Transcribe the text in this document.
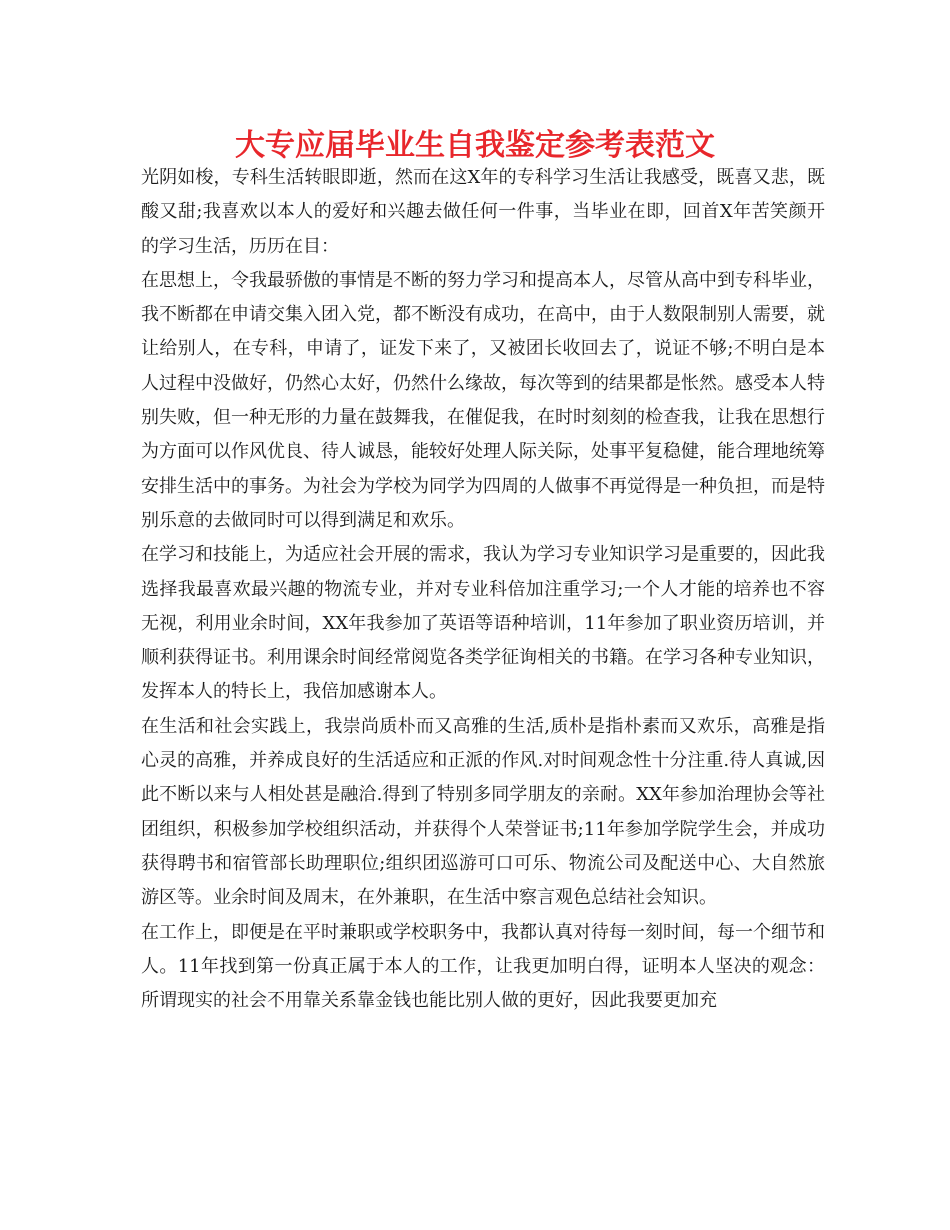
大专应届毕业生自我鉴定参考表范文

光阴如梭，专科生活转眼即逝，然而在这X年的专科学习生活让我感受，既喜又悲，既酸又甜;我喜欢以本人的爱好和兴趣去做任何一件事，当毕业在即，回首X年苦笑颜开的学习生活，历历在目：

在思想上，令我最骄傲的事情是不断的努力学习和提高本人，尽管从高中到专科毕业，我不断都在申请交集入团入党，都不断没有成功，在高中，由于人数限制别人需要，就让给别人，在专科，申请了，证发下来了，又被团长收回去了，说证不够;不明白是本人过程中没做好，仍然心太好，仍然什么缘故，每次等到的结果都是怅然。感受本人特别失败，但一种无形的力量在鼓舞我，在催促我，在时时刻刻的检查我，让我在思想行为方面可以作风优良、待人诚恳，能较好处理人际关际，处事平复稳健，能合理地统筹安排生活中的事务。为社会为学校为同学为四周的人做事不再觉得是一种负担，而是特别乐意的去做同时可以得到满足和欢乐。

在学习和技能上，为适应社会开展的需求，我认为学习专业知识学习是重要的，因此我选择我最喜欢最兴趣的物流专业，并对专业科倍加注重学习;一个人才能的培养也不容无视，利用业余时间，XX年我参加了英语等语种培训，11年参加了职业资历培训，并顺利获得证书。利用课余时间经常阅览各类学征询相关的书籍。在学习各种专业知识，发挥本人的特长上，我倍加感谢本人。

在生活和社会实践上，我崇尚质朴而又高雅的生活,质朴是指朴素而又欢乐，高雅是指心灵的高雅，并养成良好的生活适应和正派的作风.对时间观念性十分注重.待人真诚,因此不断以来与人相处甚是融洽.得到了特别多同学朋友的亲耐。XX年参加治理协会等社团组织，积极参加学校组织活动，并获得个人荣誉证书;11年参加学院学生会，并成功获得聘书和宿管部长助理职位;组织团巡游可口可乐、物流公司及配送中心、大自然旅游区等。业余时间及周末，在外兼职，在生活中察言观色总结社会知识。

在工作上，即便是在平时兼职或学校职务中，我都认真对待每一刻时间，每一个细节和人。11年找到第一份真正属于本人的工作，让我更加明白得，证明本人坚决的观念：所谓现实的社会不用靠关系靠金钱也能比别人做的更好，因此我要更加充
